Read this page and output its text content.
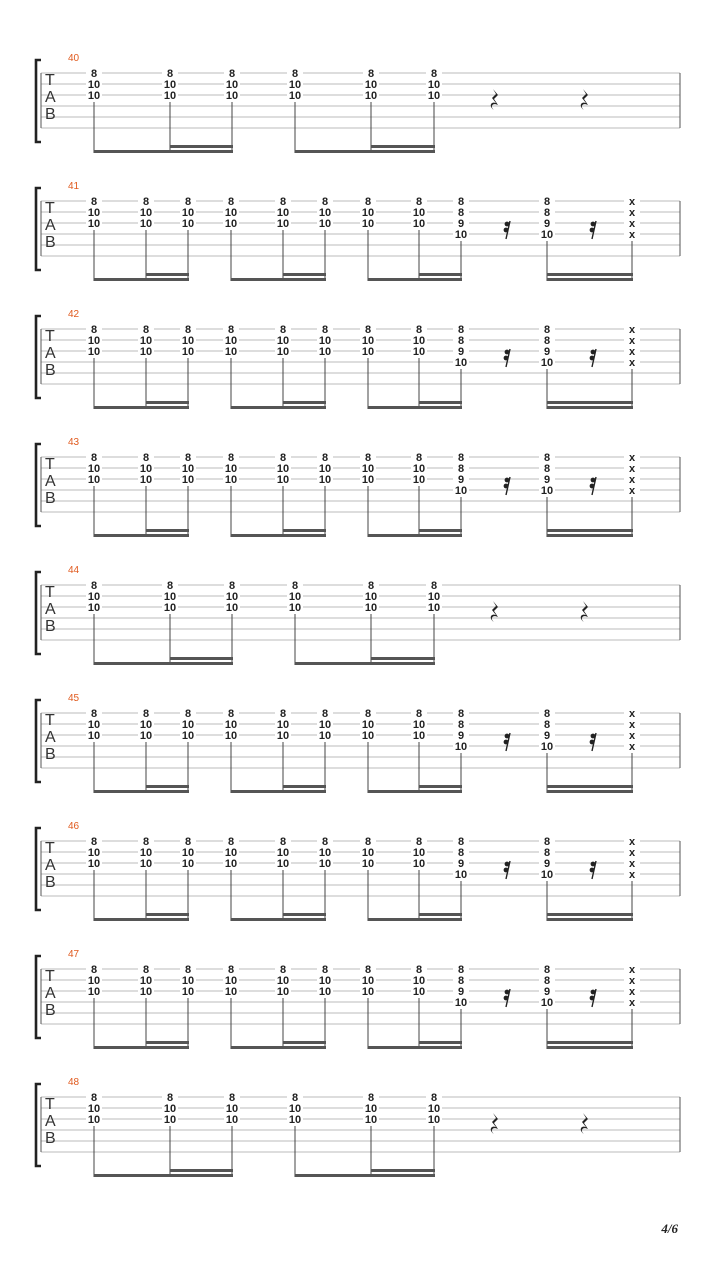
T
A
B
40
8
10
10
8
10
10
8
10
10
8
10
10
8
10
10
8
10
10
T
A
B
41
8
10
10
8
10
10
8
10
10
8
10
10
8
10
10
8
10
10
8
10
10
8
10
10
8
8
9
10
8
8
9
10
x
x
x
x
T
A
B
42
8
10
10
8
10
10
8
10
10
8
10
10
8
10
10
8
10
10
8
10
10
8
10
10
8
8
9
10
8
8
9
10
x
x
x
x
T
A
B
43
8
10
10
8
10
10
8
10
10
8
10
10
8
10
10
8
10
10
8
10
10
8
10
10
8
8
9
10
8
8
9
10
x
x
x
x
T
A
B
44
8
10
10
8
10
10
8
10
10
8
10
10
8
10
10
8
10
10
T
A
B
45
8
10
10
8
10
10
8
10
10
8
10
10
8
10
10
8
10
10
8
10
10
8
10
10
8
8
9
10
8
8
9
10
x
x
x
x
T
A
B
46
8
10
10
8
10
10
8
10
10
8
10
10
8
10
10
8
10
10
8
10
10
8
10
10
8
8
9
10
8
8
9
10
x
x
x
x
T
A
B
47
8
10
10
8
10
10
8
10
10
8
10
10
8
10
10
8
10
10
8
10
10
8
10
10
8
8
9
10
8
8
9
10
x
x
x
x
T
A
B
48
8
10
10
8
10
10
8
10
10
8
10
10
8
10
10
8
10
10
4/6
